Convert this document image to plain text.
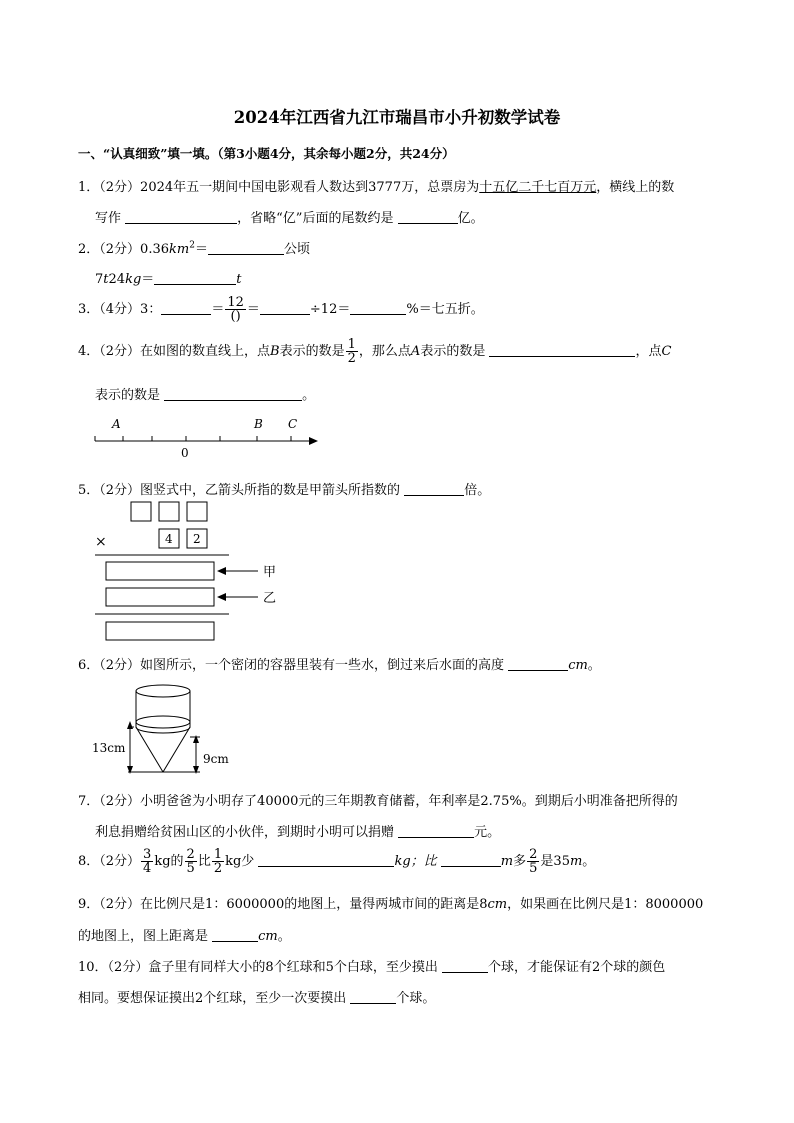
2024年江西省九江市瑞昌市小升初数学试卷
一、“认真细致”填一填。（第3小题4分，其余每小题2分，共24分）
1．（2分）2024年五一期间中国电影观看人数达到3777万，总票房为十五亿二千七百万元，横线上的数
写作	，省略“亿”后面的尾数约是	亿。
2．（2分）$0.36km^2=$	公顷
7t24kg＝	t
3．（4分）3：	＝ $\frac{12}{()}$ ＝	÷12＝	%＝七五折。
4．（2分）在如图的数直线上，点B表示的数是 $\frac{1}{2}$ ，那么点A表示的数是	，点C
表示的数是	。
A	B C
0
5．（2分）图竖式中，乙箭头所指的数是甲箭头所指数的	倍。
×	4 2
甲
乙
6．（2分）如图所示，一个密闭的容器里装有一些水，倒过来后水面的高度	cm。
13cm
9cm
7．（2分）小明爸爸为小明存了40000元的三年期教育储蓄，年利率是2.75%。到期后小明准备把所得的
利息捐赠给贫困山区的小伙伴，到期时小明可以捐赠	元。
8．（2分） $\frac{3}{4}$ kg的 $\frac{2}{5}$ 比 $\frac{1}{2}$ kg少	kg；比	m多 $\frac{2}{5}$ 是35m。
9．（2分）在比例尺是1：6000000的地图上，量得两城市间的距离是8cm，如果画在比例尺是1：8000000
的地图上，图上距离是	cm。
10．（2分）盒子里有同样大小的8个红球和5个白球，至少摸出	个球，才能保证有2个球的颜色
相同。要想保证摸出2个红球，至少一次要摸出	个球。
